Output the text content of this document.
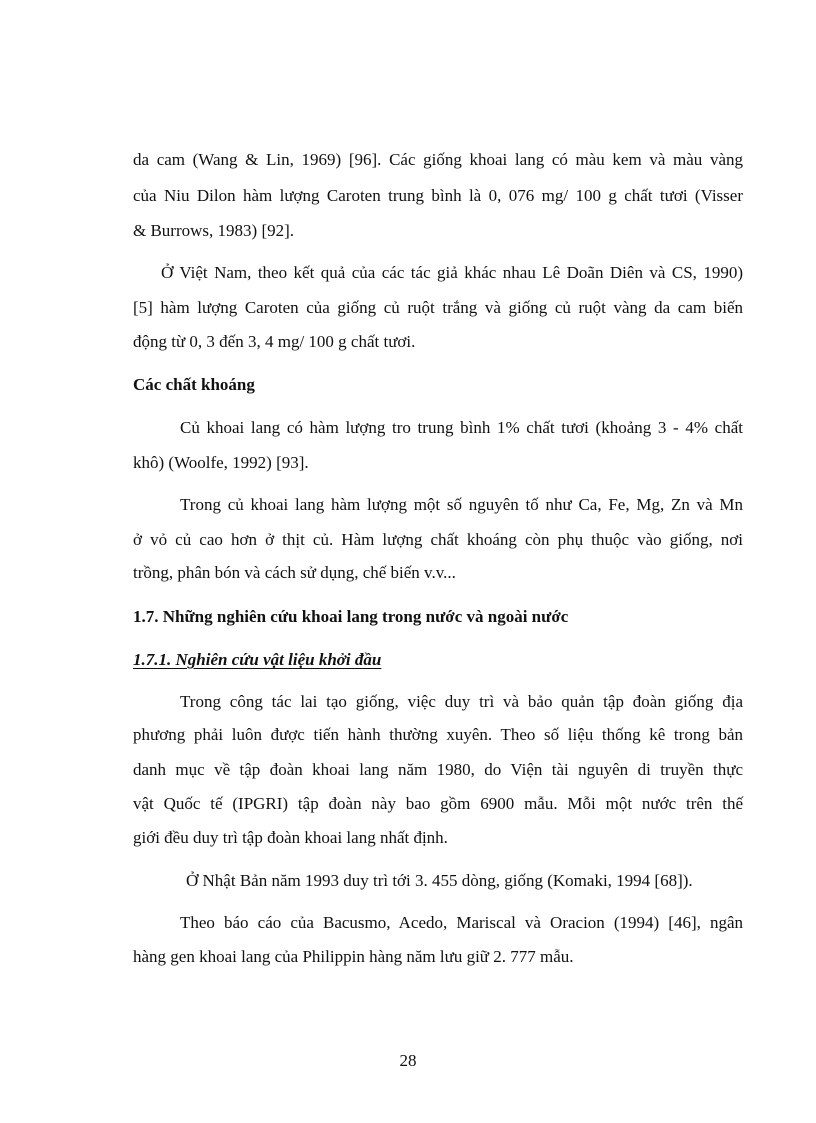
da cam (Wang & Lin, 1969) [96]. Các giống khoai lang có màu kem và màu vàng

của Niu Dilon hàm lượng Caroten trung bình là 0, 076 mg/ 100 g chất tươi (Visser

& Burrows, 1983) [92].

Ở Việt Nam, theo kết quả của các tác giả khác nhau Lê Doãn Diên và CS, 1990)

[5] hàm lượng Caroten của giống củ ruột trắng và giống củ ruột vàng da cam biến

động từ 0, 3 đến 3, 4 mg/ 100 g chất tươi.

Các chất khoáng

Củ khoai lang có hàm lượng tro trung bình 1% chất tươi (khoảng 3 - 4% chất

khô) (Woolfe, 1992) [93].

Trong củ khoai lang hàm lượng một số nguyên tố như Ca, Fe, Mg, Zn và Mn

ở vỏ củ cao hơn ở thịt củ. Hàm lượng chất khoáng còn phụ thuộc vào giống, nơi

trồng, phân bón và cách sử dụng, chế biến v.v...

1.7. Những nghiên cứu khoai lang trong nước và ngoài nước

1.7.1. Nghiên cứu vật liệu khởi đầu

Trong công tác lai tạo giống, việc duy trì và bảo quản tập đoàn giống địa

phương phải luôn được tiến hành thường xuyên. Theo số liệu thống kê trong bản

danh mục về tập đoàn khoai lang năm 1980, do Viện tài nguyên di truyền thực

vật Quốc tế (IPGRI) tập đoàn này bao gồm 6900 mẫu. Mỗi một nước trên thế

giới đều duy trì tập đoàn khoai lang nhất định.

Ở Nhật Bản năm 1993 duy trì tới 3. 455 dòng, giống (Komaki, 1994 [68]).

Theo báo cáo của Bacusmo, Acedo, Mariscal và Oracion (1994) [46], ngân

hàng gen khoai lang của Philippin hàng năm lưu giữ 2. 777 mẫu.

28
